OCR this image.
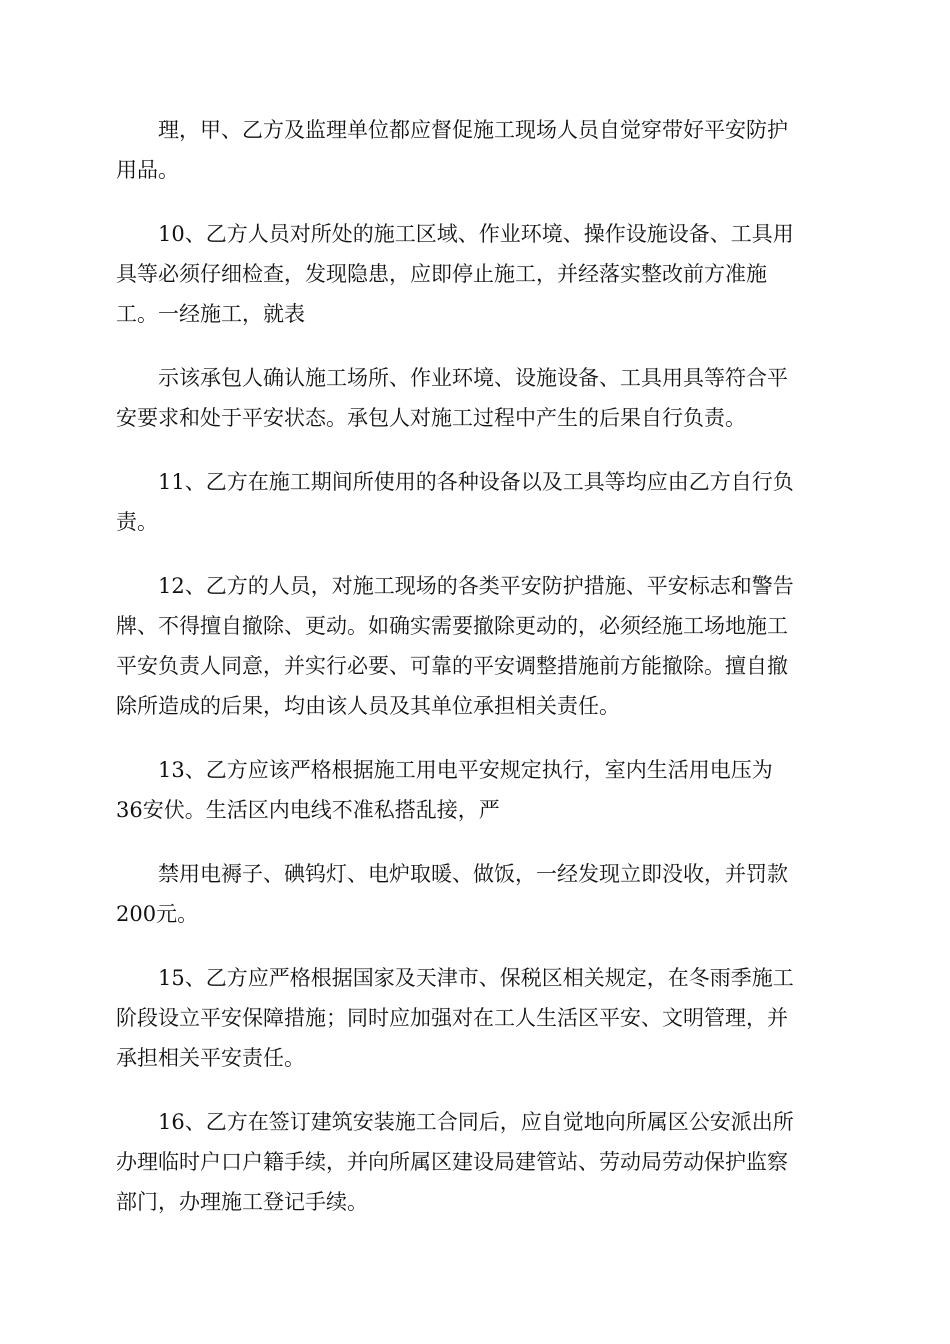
理，甲、乙方及监理单位都应督促施工现场人员自觉穿带好平安防护
用品。
10、乙方人员对所处的施工区域、作业环境、操作设施设备、工具用
具等必须仔细检查，发现隐患，应即停止施工，并经落实整改前方准施
工。一经施工，就表
示该承包人确认施工场所、作业环境、设施设备、工具用具等符合平
安要求和处于平安状态。承包人对施工过程中产生的后果自行负责。
11、乙方在施工期间所使用的各种设备以及工具等均应由乙方自行负
责。
12、乙方的人员，对施工现场的各类平安防护措施、平安标志和警告
牌、不得擅自撤除、更动。如确实需要撤除更动的，必须经施工场地施工
平安负责人同意，并实行必要、可靠的平安调整措施前方能撤除。擅自撤
除所造成的后果，均由该人员及其单位承担相关责任。
13、乙方应该严格根据施工用电平安规定执行，室内生活用电压为
36安伏。生活区内电线不准私搭乱接，严
禁用电褥子、碘钨灯、电炉取暖、做饭，一经发现立即没收，并罚款
200元。
15、乙方应严格根据国家及天津市、保税区相关规定，在冬雨季施工
阶段设立平安保障措施；同时应加强对在工人生活区平安、文明管理，并
承担相关平安责任。
16、乙方在签订建筑安装施工合同后，应自觉地向所属区公安派出所
办理临时户口户籍手续，并向所属区建设局建管站、劳动局劳动保护监察
部门，办理施工登记手续。
